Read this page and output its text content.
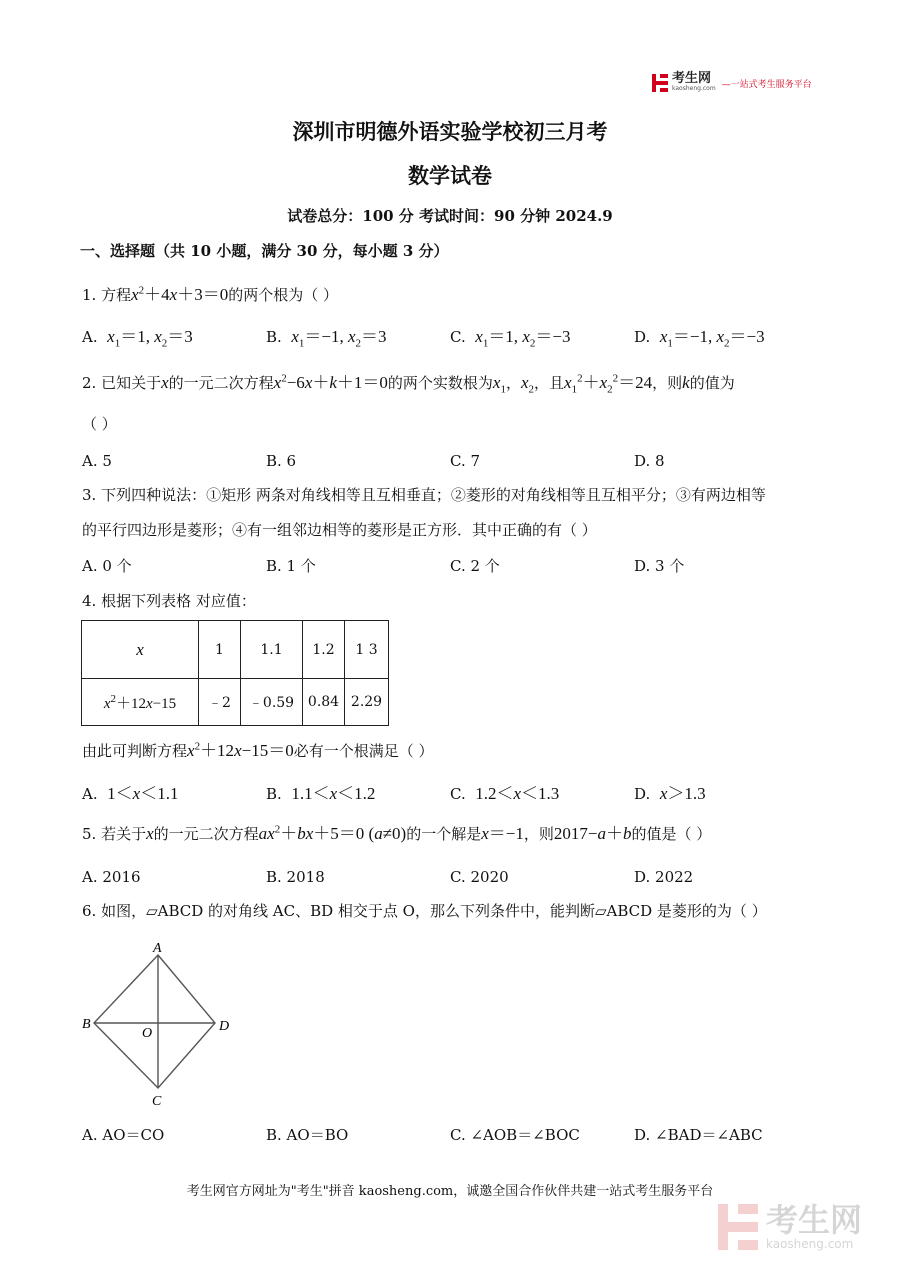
考生网
kaosheng.com —一站式考生服务平台
深圳市明德外语实验学校初三月考
数学试卷
试卷总分：100 分 考试时间：90 分钟 2024.9
一、选择题（共 10 小题，满分 30 分，每小题 3 分）
1. 方程$x^2+4x+3=0$的两个根为（ ）
A. $x_1=1$, $x_2=3$	B. $x_1=-1$, $x_2=3$	C. $x_1=1$, $x_2=-3$	D. $x_1=-1$, $x_2=-3$
2. 已知关于x的一元二次方程$x^2-6x+k+1=0$的两个实数根为$x_1$，$x_2$，且$x_1^2+x_2^2=24$，则k的值为
（ ）
A. 5	B. 6	C. 7	D. 8
3. 下列四种说法：①矩形 两条对角线相等且互相垂直；②菱形的对角线相等且互相平分；③有两边相等
的平行四边形是菱形；④有一组邻边相等的菱形是正方形．其中正确的有（ ）
A. 0 个	B. 1 个	C. 2 个	D. 3 个
4. 根据下列表格 对应值：
x	1	1.1	1.2	1 3
$x^2+12x-15$	﹣2	﹣0.59	0.84	2.29
由此可判断方程$x^2+12x-15=0$必有一个根满足（ ）
A. 1＜x＜1.1	B. 1.1＜x＜1.2	C. 1.2＜x＜1.3	D. x＞1.3
5. 若关于x的一元二次方程$ax^2+bx+5=0$ (a≠0)的一个解是x＝−1，则2017−a＋b的值是（ ）
A. 2016	B. 2018	C. 2020	D. 2022
6. 如图，▱ABCD 的对角线 AC、BD 相交于点 O，那么下列条件中，能判断▱ABCD 是菱形的为（ ）
A
B	D
C
O
A. AO＝CO	B. AO＝BO	C. ∠AOB＝∠BOC	D. ∠BAD＝∠ABC
考生网官方网址为"考生"拼音 kaosheng.com，诚邀全国合作伙伴共建一站式考生服务平台
考生网
kaosheng.com
